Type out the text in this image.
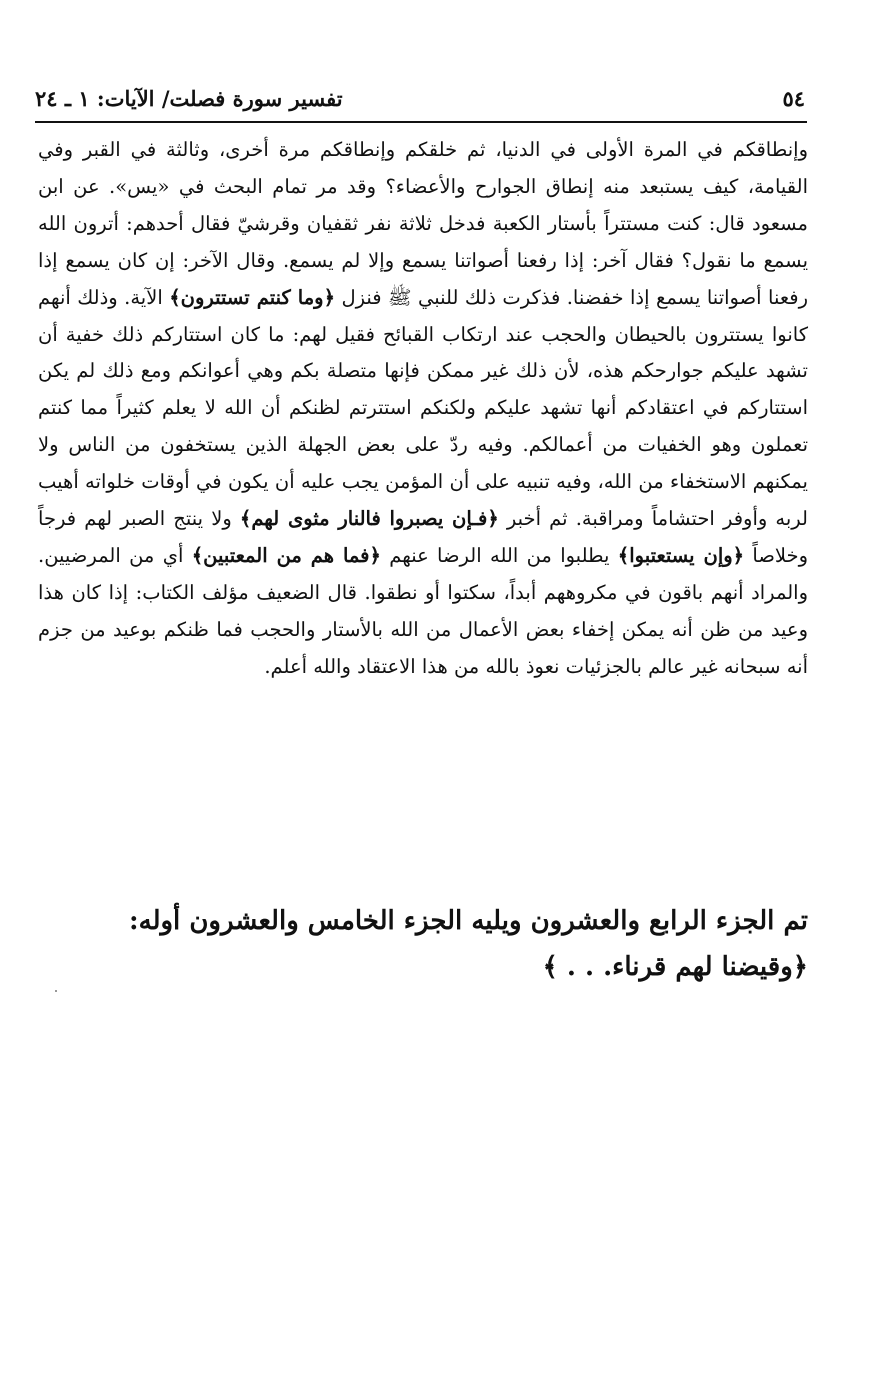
٥٤
تفسير سورة فصلت/ الآيات: ١ ـ ٢٤

وإنطاقكم في المرة الأولى في الدنيا، ثم خلقكم وإنطاقكم مرة أخرى، وثالثة في القبر وفي القيامة، كيف يستبعد منه إنطاق الجوارح والأعضاء؟ وقد مر تمام البحث في «يس». عن ابن مسعود قال: كنت مستتراً بأستار الكعبة فدخل ثلاثة نفر ثقفيان وقرشيّ فقال أحدهم: أترون الله يسمع ما نقول؟ فقال آخر: إذا رفعنا أصواتنا يسمع وإلا لم يسمع. وقال الآخر: إن كان يسمع إذا رفعنا أصواتنا يسمع إذا خفضنا. فذكرت ذلك للنبي ﷺ فنزل ﴿وما كنتم تستترون﴾ الآية. وذلك أنهم كانوا يستترون بالحيطان والحجب عند ارتكاب القبائح فقيل لهم: ما كان استتاركم ذلك خفية أن تشهد عليكم جوارحكم هذه، لأن ذلك غير ممكن فإنها متصلة بكم وهي أعوانكم ومع ذلك لم يكن استتاركم في اعتقادكم أنها تشهد عليكم ولكنكم استترتم لظنكم أن الله لا يعلم كثيراً مما كنتم تعملون وهو الخفيات من أعمالكم. وفيه ردّ على بعض الجهلة الذين يستخفون من الناس ولا يمكنهم الاستخفاء من الله، وفيه تنبيه على أن المؤمن يجب عليه أن يكون في أوقات خلواته أهيب لربه وأوفر احتشاماً ومراقبة. ثم أخبر ﴿فـإن يصبروا فالنار مثوى لهم﴾ ولا ينتج الصبر لهم فرجاً وخلاصاً ﴿وإن يستعتبوا﴾ يطلبوا من الله الرضا عنهم ﴿فما هم من المعتبين﴾ أي من المرضيين. والمراد أنهم باقون في مكروههم أبداً، سكتوا أو نطقوا. قال الضعيف مؤلف الكتاب: إذا كان هذا وعيد من ظن أنه يمكن إخفاء بعض الأعمال من الله بالأستار والحجب فما ظنكم بوعيد من جزم أنه سبحانه غير عالم بالجزئيات نعوذ بالله من هذا الاعتقاد والله أعلم.

تم الجزء الرابع والعشرون ويليه الجزء الخامس والعشرون أوله: ﴿وقيضنا لهم قرناء. . . ﴾
